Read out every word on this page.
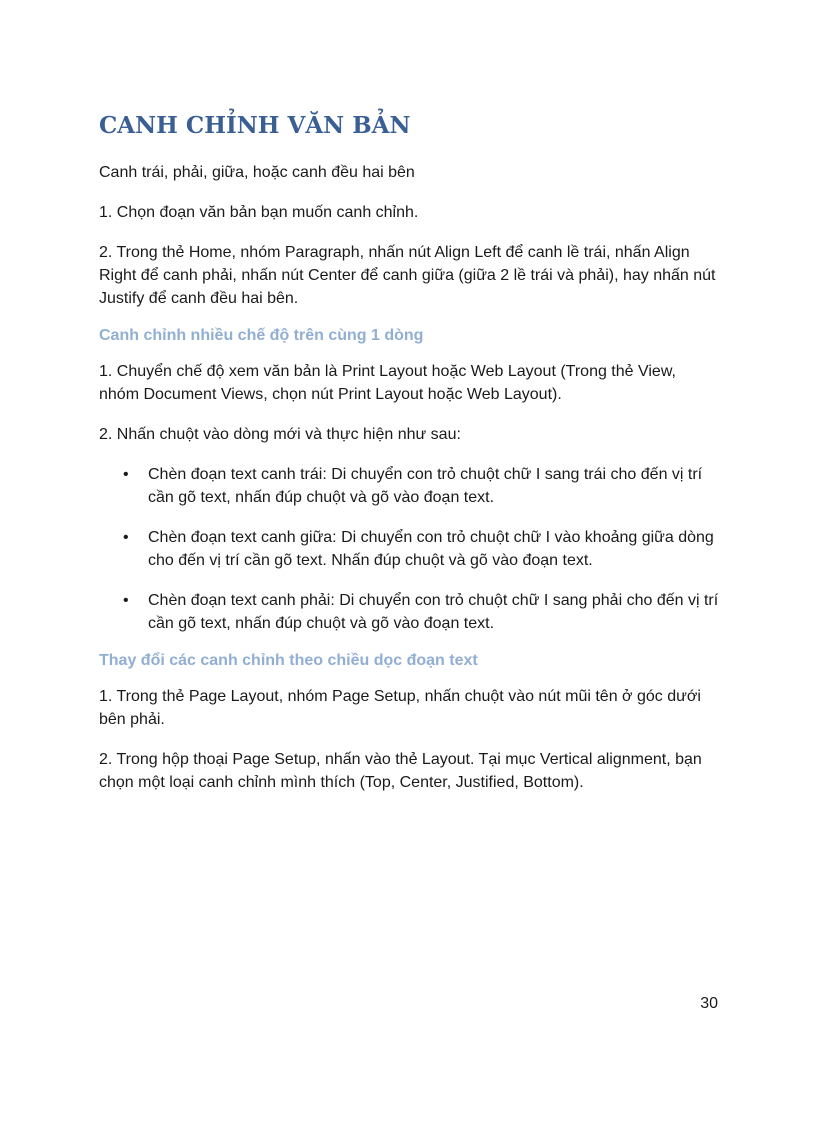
CANH CHỈNH VĂN BẢN

Canh trái, phải, giữa, hoặc canh đều hai bên

1. Chọn đoạn văn bản bạn muốn canh chỉnh.

2. Trong thẻ Home, nhóm Paragraph, nhấn nút Align Left để canh lề trái, nhấn Align Right để canh phải, nhấn nút Center để canh giữa (giữa 2 lề trái và phải), hay nhấn nút Justify để canh đều hai bên.

Canh chỉnh nhiều chế độ trên cùng 1 dòng

1. Chuyển chế độ xem văn bản là Print Layout hoặc Web Layout (Trong thẻ View, nhóm Document Views, chọn nút Print Layout hoặc Web Layout).

2. Nhấn chuột vào dòng mới và thực hiện như sau:

• Chèn đoạn text canh trái: Di chuyển con trỏ chuột chữ I sang trái cho đến vị trí cần gõ text, nhấn đúp chuột và gõ vào đoạn text.
• Chèn đoạn text canh giữa: Di chuyển con trỏ chuột chữ I vào khoảng giữa dòng cho đến vị trí cần gõ text. Nhấn đúp chuột và gõ vào đoạn text.
• Chèn đoạn text canh phải: Di chuyển con trỏ chuột chữ I sang phải cho đến vị trí cần gõ text, nhấn đúp chuột và gõ vào đoạn text.
Thay đổi các canh chỉnh theo chiều dọc đoạn text

1. Trong thẻ Page Layout, nhóm Page Setup, nhấn chuột vào nút mũi tên ở góc dưới bên phải.

2. Trong hộp thoại Page Setup, nhấn vào thẻ Layout. Tại mục Vertical alignment, bạn chọn một loại canh chỉnh mình thích (Top, Center, Justified, Bottom).

30
